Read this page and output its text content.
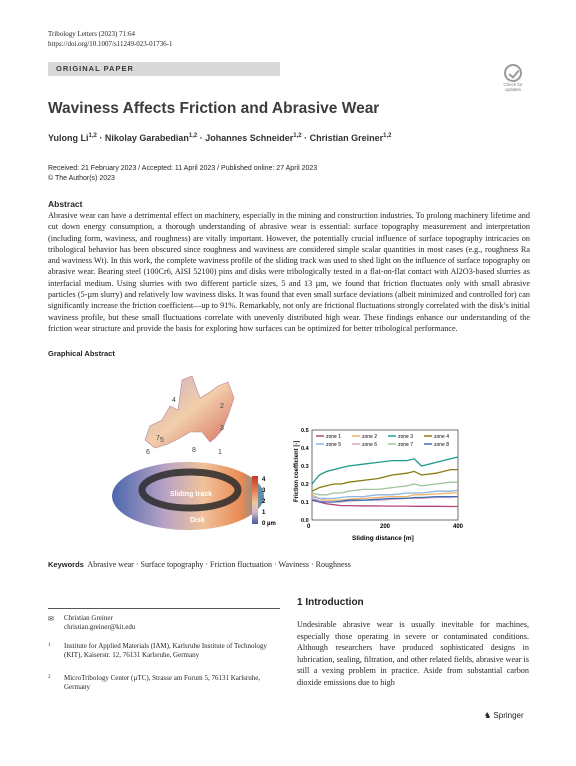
Tribology Letters (2023) 71:64
https://doi.org/10.1007/s11249-023-01736-1
ORIGINAL PAPER
Check for
updates
Waviness Affects Friction and Abrasive Wear
Yulong Li$^{1,2}$ · Nikolay Garabedian$^{1,2}$ · Johannes Schneider$^{1,2}$ · Christian Greiner$^{1,2}$
Received: 21 February 2023 / Accepted: 11 April 2023 / Published online: 27 April 2023
© The Author(s) 2023
Abstract
Abrasive wear can have a detrimental effect on machinery, especially in the mining and construction industries. To prolong machinery lifetime and cut down energy consumption, a thorough understanding of abrasive wear is essential: surface topography measurement and interpretation (including form, waviness, and roughness) are vitally important. However, the potentially crucial influence of surface topography intricacies on tribological behavior has been obscured since roughness and waviness are considered simple scalar quantities in most cases (e.g., roughness Ra and waviness Wt). In this work, the complete waviness profile of the sliding track was used to shed light on the influence of surface topography on abrasive wear. Bearing steel (100Cr6, AISI 52100) pins and disks were tribologically tested in a flat-on-flat contact with Al2O3-based slurries as interfacial medium. Using slurries with two different particle sizes, 5 and 13 µm, we found that friction fluctuates only with small abrasive particles (5-µm slurry) and relatively low waviness disks. It was found that even small surface deviations (albeit minimized and controlled for) can significantly increase the friction coefficient—up to 91%. Remarkably, not only are frictional fluctuations strongly correlated with the disk’s initial waviness profile, but these small fluctuations correlate with unevenly distributed high wear. These findings enhance our understanding of the friction wear structure and provide the basis for exploring how surfaces can be optimized for better tribological performance.
Graphical Abstract
Sliding track
Disk
5
6
7
8
4
3
1
2
4
3
2
1
0 µm	0	200	400
0.0
0.1
0.2
0.3
0.4
0.5
zone 1	zone 2	zone 3	zone 4
zone 5	zone 6	zone 7	zone 8
Sliding distance [m]
Friction coefficient [-]
Keywords Abrasive wear · Surface topography · Friction fluctuation · Waviness · Roughness
✉ Christian Greiner
christian.greiner@kit.edu
1 Institute for Applied Materials (IAM), Karlsruhe Institute of Technology (KIT), Kaiserstr. 12, 76131 Karlsruhe, Germany
2 MicroTribology Center (µTC), Strasse am Forum 5, 76131 Karlsruhe, Germany
1 Introduction
Undesirable abrasive wear is usually inevitable for machines, especially those operating in severe or contaminated conditions. Although researchers have produced sophisticated designs in lubrication, sealing, filtration, and other related fields, abrasive wear is still a vexing problem in practice. Aside from substantial carbon dioxide emissions due to high
♞ Springer
